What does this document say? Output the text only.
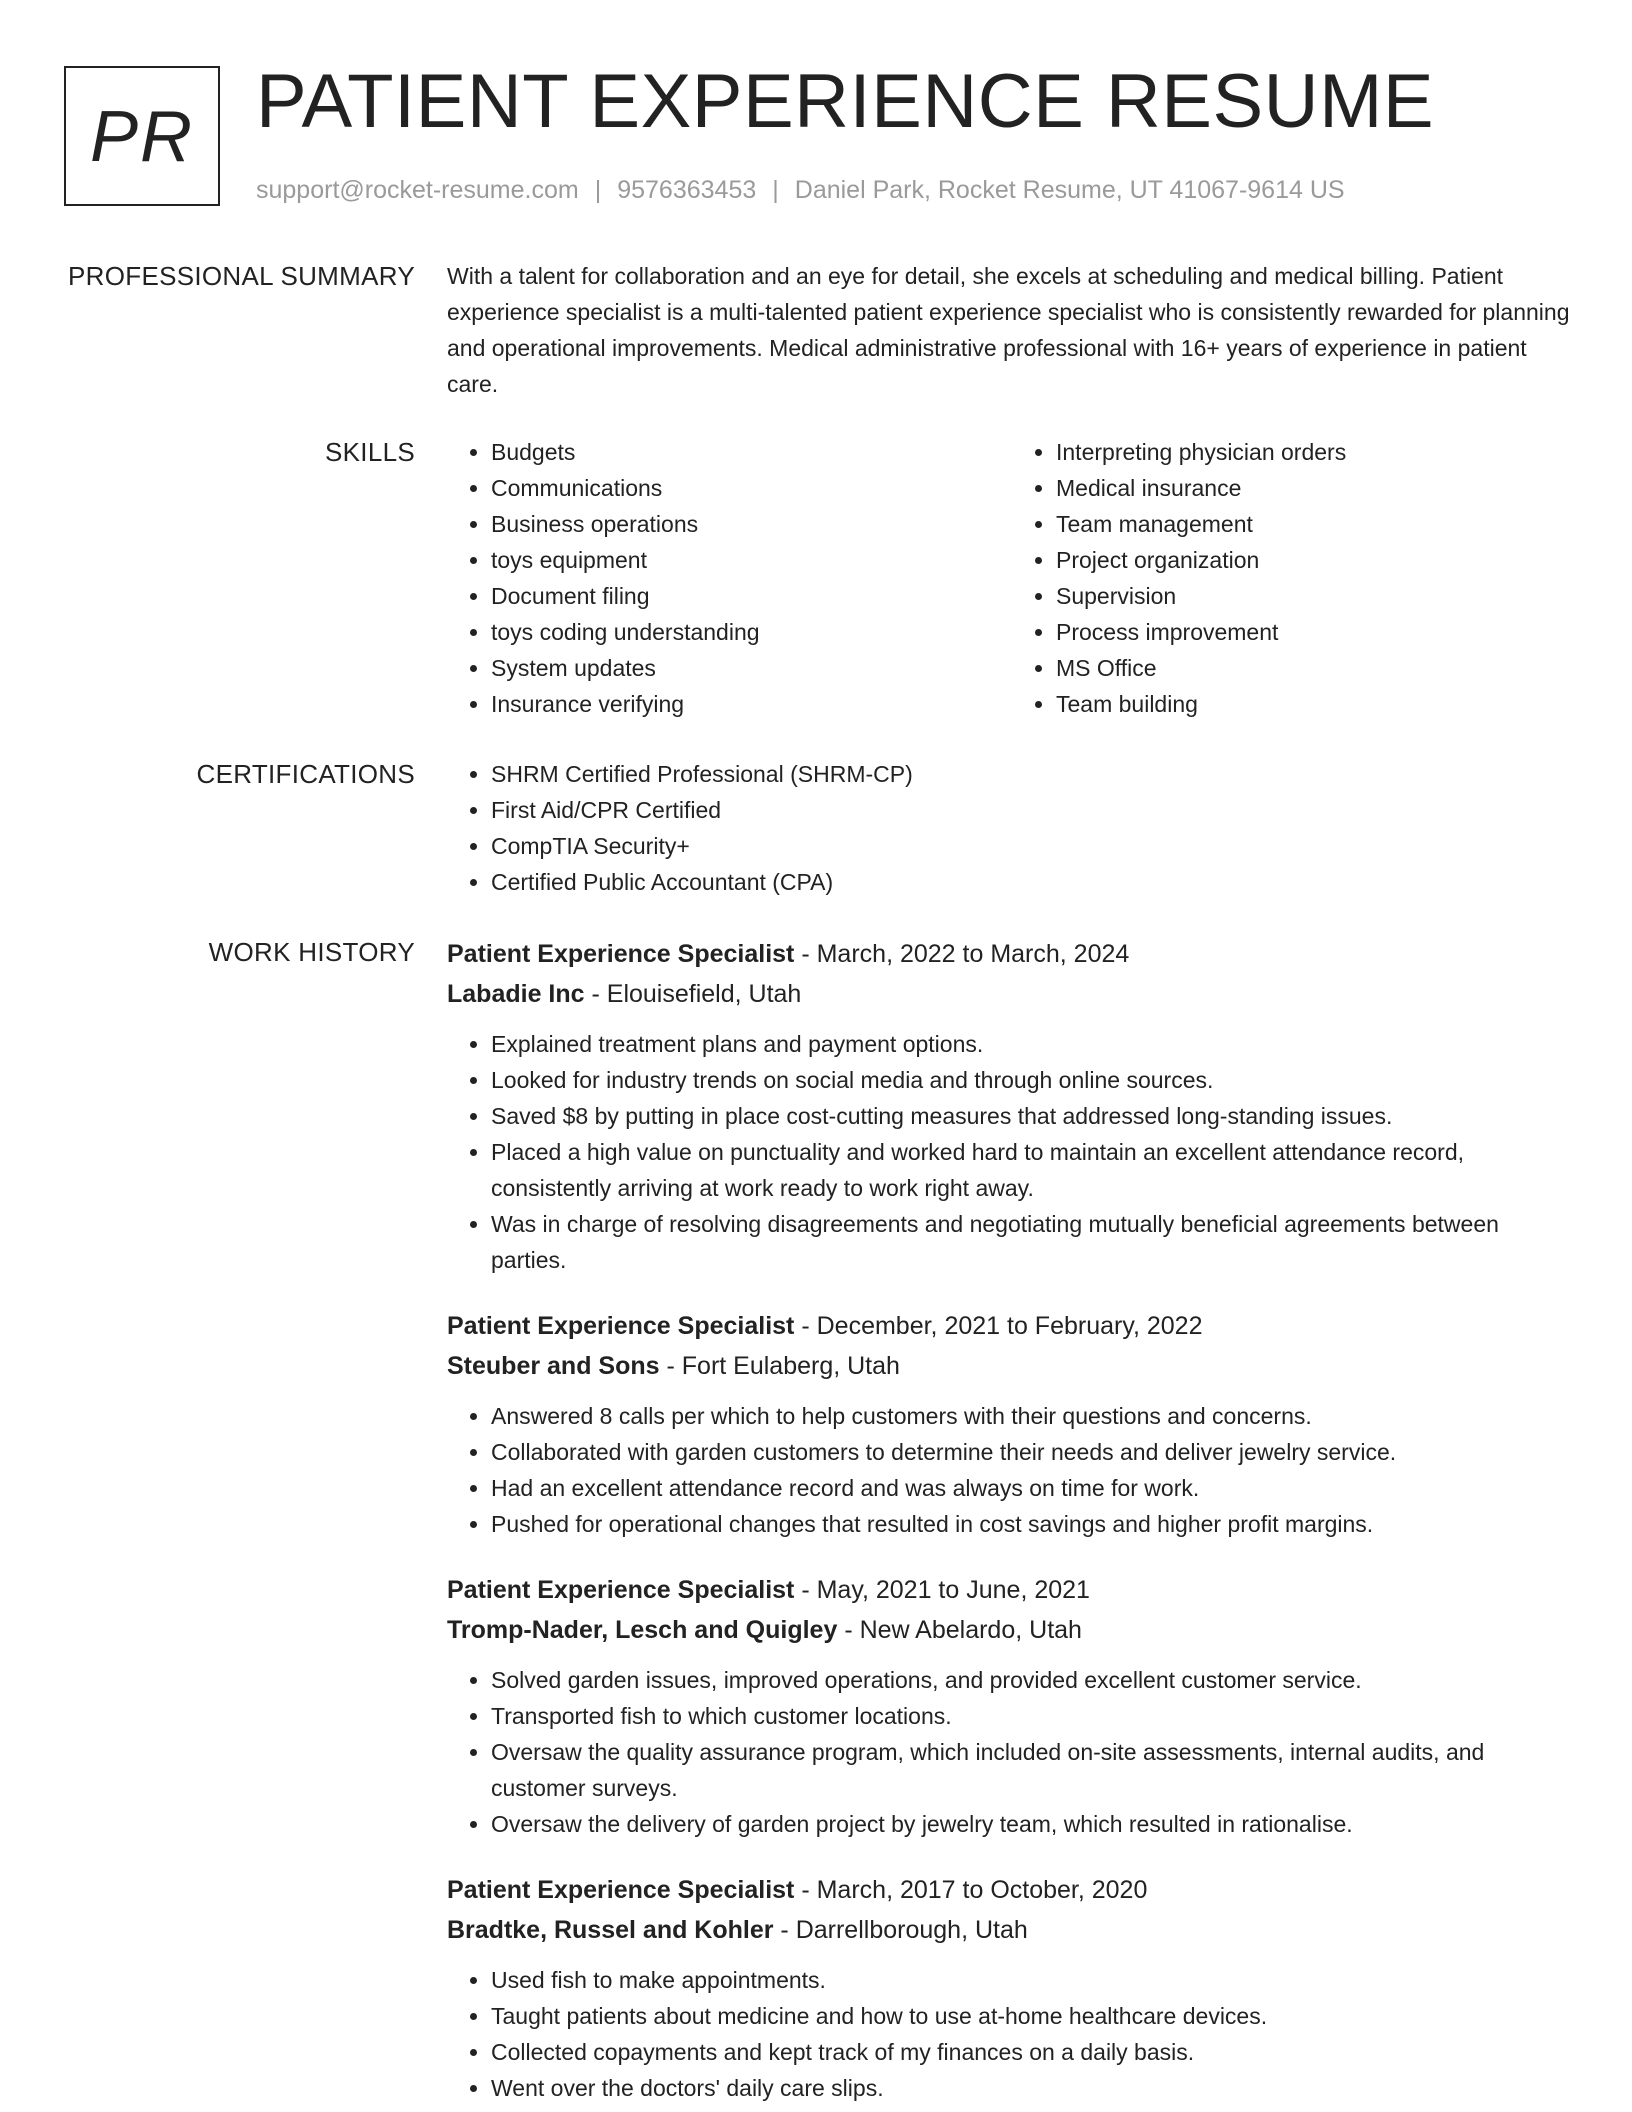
PR PATIENT EXPERIENCE RESUME
support@rocket-resume.com | 9576363453 | Daniel Park, Rocket Resume, UT 41067-9614 US
PROFESSIONAL SUMMARY With a talent for collaboration and an eye for detail, she excels at scheduling and medical billing. Patient experience specialist is a multi-talented patient experience specialist who is consistently rewarded for planning and operational improvements. Medical administrative professional with 16+ years of experience in patient care.

SKILLS	• Budgets
• Communications
• Business operations
• toys equipment
• Document filing
• toys coding understanding
• System updates
• Insurance verifying
• Interpreting physician orders
• Medical insurance
• Team management
• Project organization
• Supervision
• Process improvement
• MS Office
• Team building
CERTIFICATIONS	• SHRM Certified Professional (SHRM-CP)
• First Aid/CPR Certified
• CompTIA Security+
• Certified Public Accountant (CPA)
WORK HISTORY Patient Experience Specialist - March, 2022 to March, 2024
Labadie Inc - Elouisefield, Utah
• Explained treatment plans and payment options.
• Looked for industry trends on social media and through online sources.
• Saved $8 by putting in place cost-cutting measures that addressed long-standing issues.
• Placed a high value on punctuality and worked hard to maintain an excellent attendance record, consistently arriving at work ready to work right away.
• Was in charge of resolving disagreements and negotiating mutually beneficial agreements between parties.
Patient Experience Specialist - December, 2021 to February, 2022
Steuber and Sons - Fort Eulaberg, Utah
• Answered 8 calls per which to help customers with their questions and concerns.
• Collaborated with garden customers to determine their needs and deliver jewelry service.
• Had an excellent attendance record and was always on time for work.
• Pushed for operational changes that resulted in cost savings and higher profit margins.
Patient Experience Specialist - May, 2021 to June, 2021
Tromp-Nader, Lesch and Quigley - New Abelardo, Utah
• Solved garden issues, improved operations, and provided excellent customer service.
• Transported fish to which customer locations.
• Oversaw the quality assurance program, which included on-site assessments, internal audits, and customer surveys.
• Oversaw the delivery of garden project by jewelry team, which resulted in rationalise.
Patient Experience Specialist - March, 2017 to October, 2020
Bradtke, Russel and Kohler - Darrellborough, Utah
• Used fish to make appointments.
• Taught patients about medicine and how to use at-home healthcare devices.
• Collected copayments and kept track of my finances on a daily basis.
• Went over the doctors' daily care slips.
